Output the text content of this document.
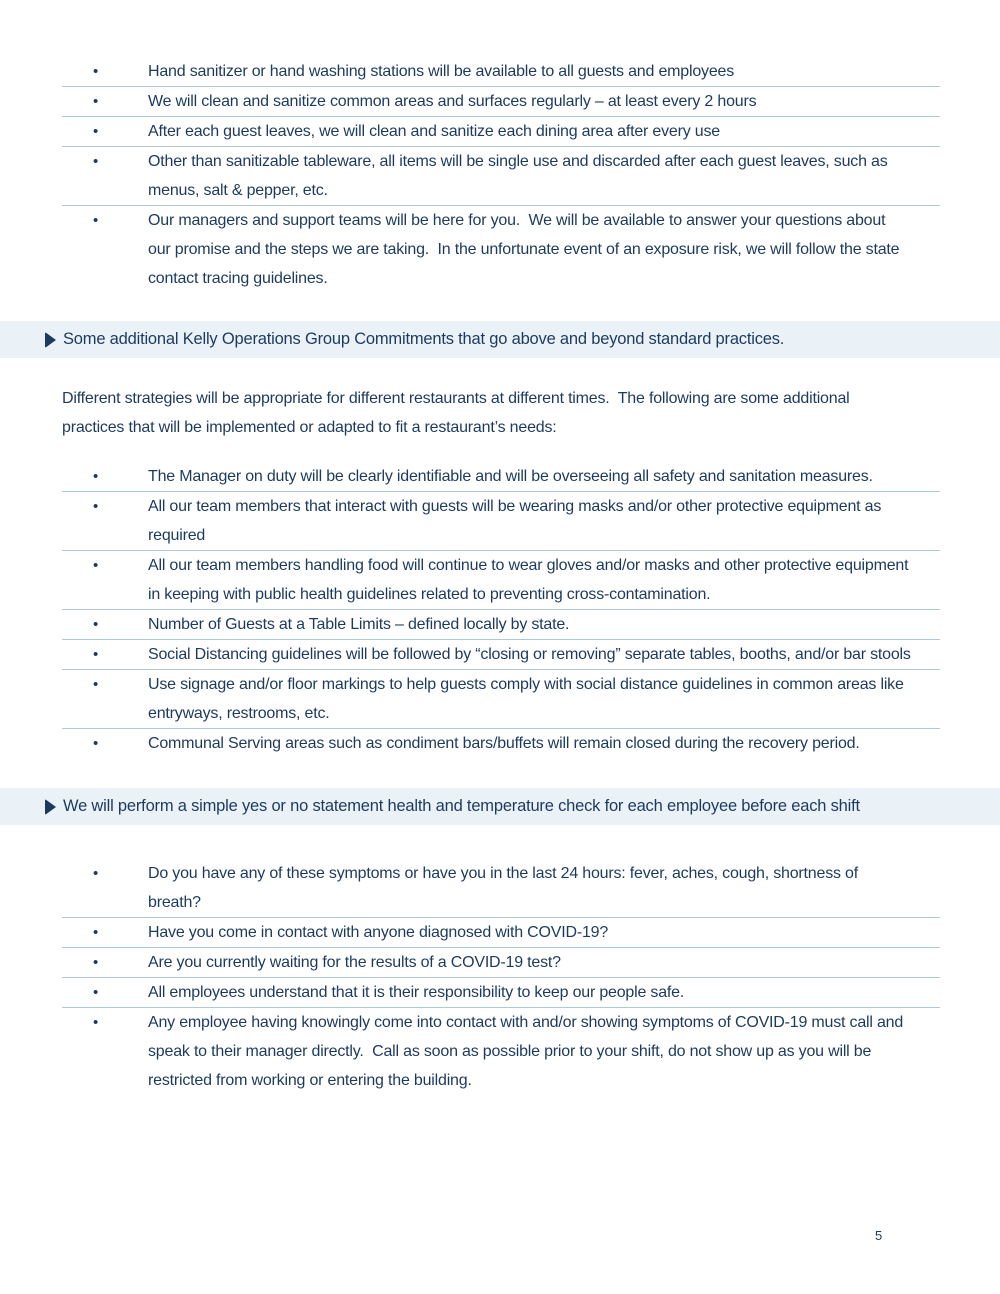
•	Hand sanitizer or hand washing stations will be available to all guests and employees

•	We will clean and sanitize common areas and surfaces regularly – at least every 2 hours

•	After each guest leaves, we will clean and sanitize each dining area after every use

•	Other than sanitizable tableware, all items will be single use and discarded after each guest leaves, such as menus, salt & pepper, etc.

•	Our managers and support teams will be here for you.  We will be available to answer your questions about our promise and the steps we are taking.  In the unfortunate event of an exposure risk, we will follow the state contact tracing guidelines.

Some additional Kelly Operations Group Commitments that go above and beyond standard practices.

Different strategies will be appropriate for different restaurants at different times.  The following are some additional practices that will be implemented or adapted to fit a restaurant’s needs:

•	The Manager on duty will be clearly identifiable and will be overseeing all safety and sanitation measures.

•	All our team members that interact with guests will be wearing masks and/or other protective equipment as required

•	All our team members handling food will continue to wear gloves and/or masks and other protective equipment in keeping with public health guidelines related to preventing cross-contamination.

•	Number of Guests at a Table Limits – defined locally by state.

•	Social Distancing guidelines will be followed by “closing or removing” separate tables, booths, and/or bar stools

•	Use signage and/or floor markings to help guests comply with social distance guidelines in common areas like entryways, restrooms, etc.

•	Communal Serving areas such as condiment bars/buffets will remain closed during the recovery period.

We will perform a simple yes or no statement health and temperature check for each employee before each shift

•	Do you have any of these symptoms or have you in the last 24 hours: fever, aches, cough, shortness of breath?

•	Have you come in contact with anyone diagnosed with COVID-19?

•	Are you currently waiting for the results of a COVID-19 test?

•	All employees understand that it is their responsibility to keep our people safe.

•	Any employee having knowingly come into contact with and/or showing symptoms of COVID-19 must call and speak to their manager directly.  Call as soon as possible prior to your shift, do not show up as you will be restricted from working or entering the building.

5
